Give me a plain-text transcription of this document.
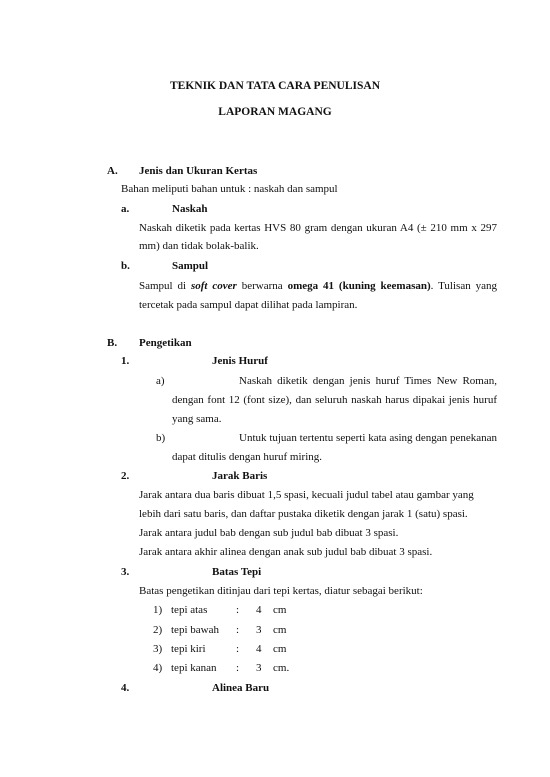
TEKNIK DAN TATA CARA PENULISAN
LAPORAN MAGANG
A. Jenis dan Ukuran Kertas
Bahan meliputi bahan untuk : naskah dan sampul
a.	Naskah
Naskah diketik pada kertas HVS 80 gram dengan ukuran A4 (± 210 mm x 297
mm) dan tidak bolak-balik.
b.	Sampul
Sampul di soft cover berwarna omega 41 (kuning keemasan). Tulisan yang
tercetak pada sampul dapat dilihat pada lampiran.
B. Pengetikan
1.	Jenis Huruf
a)	Naskah diketik dengan jenis huruf Times New Roman,
dengan font 12 (font size), dan seluruh naskah harus dipakai jenis huruf
yang sama.
b)	Untuk tujuan tertentu seperti kata asing dengan penekanan
dapat ditulis dengan huruf miring.
2.	Jarak Baris
Jarak antara dua baris dibuat 1,5 spasi, kecuali judul tabel atau gambar yang
lebih dari satu baris, dan daftar pustaka diketik dengan jarak 1 (satu) spasi.
Jarak antara judul bab dengan sub judul bab dibuat 3 spasi.
Jarak antara akhir alinea dengan anak sub judul bab dibuat 3 spasi.
3.	Batas Tepi
Batas pengetikan ditinjau dari tepi kertas, diatur sebagai berikut:
1) tepi atas	: 4 cm
2) tepi bawah : 3 cm
3) tepi kiri	: 4 cm
4) tepi kanan : 3 cm.
4.	Alinea Baru
